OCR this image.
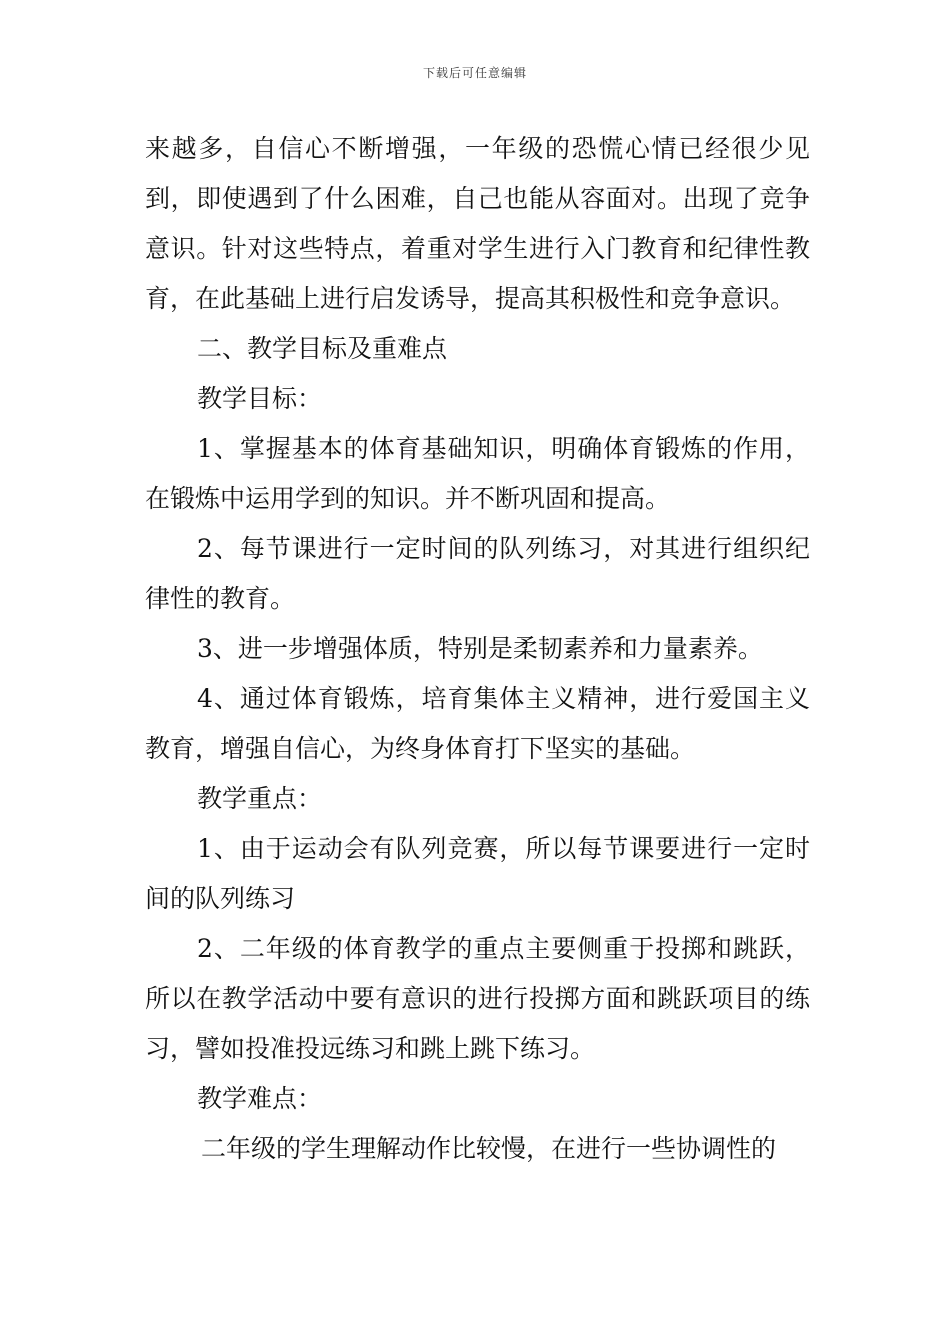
下载后可任意编辑

来越多，自信心不断增强，一年级的恐慌心情已经很少见到，即使遇到了什么困难，自己也能从容面对。出现了竞争意识。针对这些特点，着重对学生进行入门教育和纪律性教育，在此基础上进行启发诱导，提高其积极性和竞争意识。

二、教学目标及重难点

教学目标：

1、掌握基本的体育基础知识，明确体育锻炼的作用，在锻炼中运用学到的知识。并不断巩固和提高。

2、每节课进行一定时间的队列练习，对其进行组织纪律性的教育。

3、进一步增强体质，特别是柔韧素养和力量素养。

4、通过体育锻炼，培育集体主义精神，进行爱国主义教育，增强自信心，为终身体育打下坚实的基础。

教学重点：

1、由于运动会有队列竞赛，所以每节课要进行一定时间的队列练习

2、二年级的体育教学的重点主要侧重于投掷和跳跃，所以在教学活动中要有意识的进行投掷方面和跳跃项目的练习，譬如投准投远练习和跳上跳下练习。

教学难点：

二年级的学生理解动作比较慢，在进行一些协调性的
